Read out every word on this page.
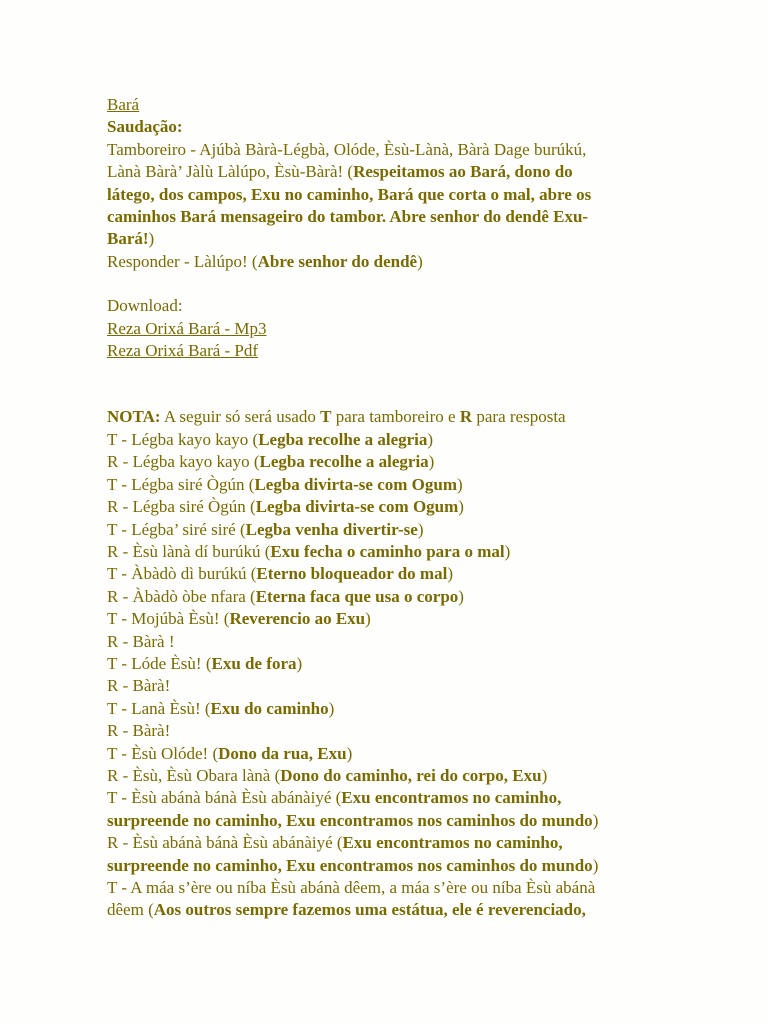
Bará
Saudação:
Tamboreiro - Ajúbà Bàrà-Légbà, Olóde, Èsù-Lànà, Bàrà Dage burúkú,
Lànà Bàrà’ Jàlù Làlúpo, Èsù-Bàrà! (Respeitamos ao Bará, dono do
látego, dos campos, Exu no caminho, Bará que corta o mal, abre os
caminhos Bará mensageiro do tambor. Abre senhor do dendê Exu-
Bará!)
Responder - Làlúpo! (Abre senhor do dendê)
Download:
Reza Orixá Bará - Mp3
Reza Orixá Bará - Pdf
NOTA: A seguir só será usado T para tamboreiro e R para resposta
T - Légba kayo kayo (Legba recolhe a alegria)
R - Légba kayo kayo (Legba recolhe a alegria)
T - Légba siré Ògún (Legba divirta-se com Ogum)
R - Légba siré Ògún (Legba divirta-se com Ogum)
T - Légba’ siré siré (Legba venha divertir-se)
R - Èsù lànà dí burúkú (Exu fecha o caminho para o mal)
T - Àbàdò dì burúkú (Eterno bloqueador do mal)
R - Àbàdò òbe nfara (Eterna faca que usa o corpo)
T - Mojúbà Èsù! (Reverencio ao Exu)
R - Bàrà !
T - Lóde Èsù! (Exu de fora)
R - Bàrà!
T - Lanà Èsù! (Exu do caminho)
R - Bàrà!
T - Èsù Olóde! (Dono da rua, Exu)
R - Èsù, Èsù Obara lànà (Dono do caminho, rei do corpo, Exu)
T - Èsù abánà bánà Èsù abánàiyé (Exu encontramos no caminho,
surpreende no caminho, Exu encontramos nos caminhos do mundo)
R - Èsù abánà bánà Èsù abánàiyé (Exu encontramos no caminho,
surpreende no caminho, Exu encontramos nos caminhos do mundo)
T - A máa s’ère ou níba Èsù abánà dêem, a máa s’ère ou níba Èsù abánà
dêem (Aos outros sempre fazemos uma estátua, ele é reverenciado,
